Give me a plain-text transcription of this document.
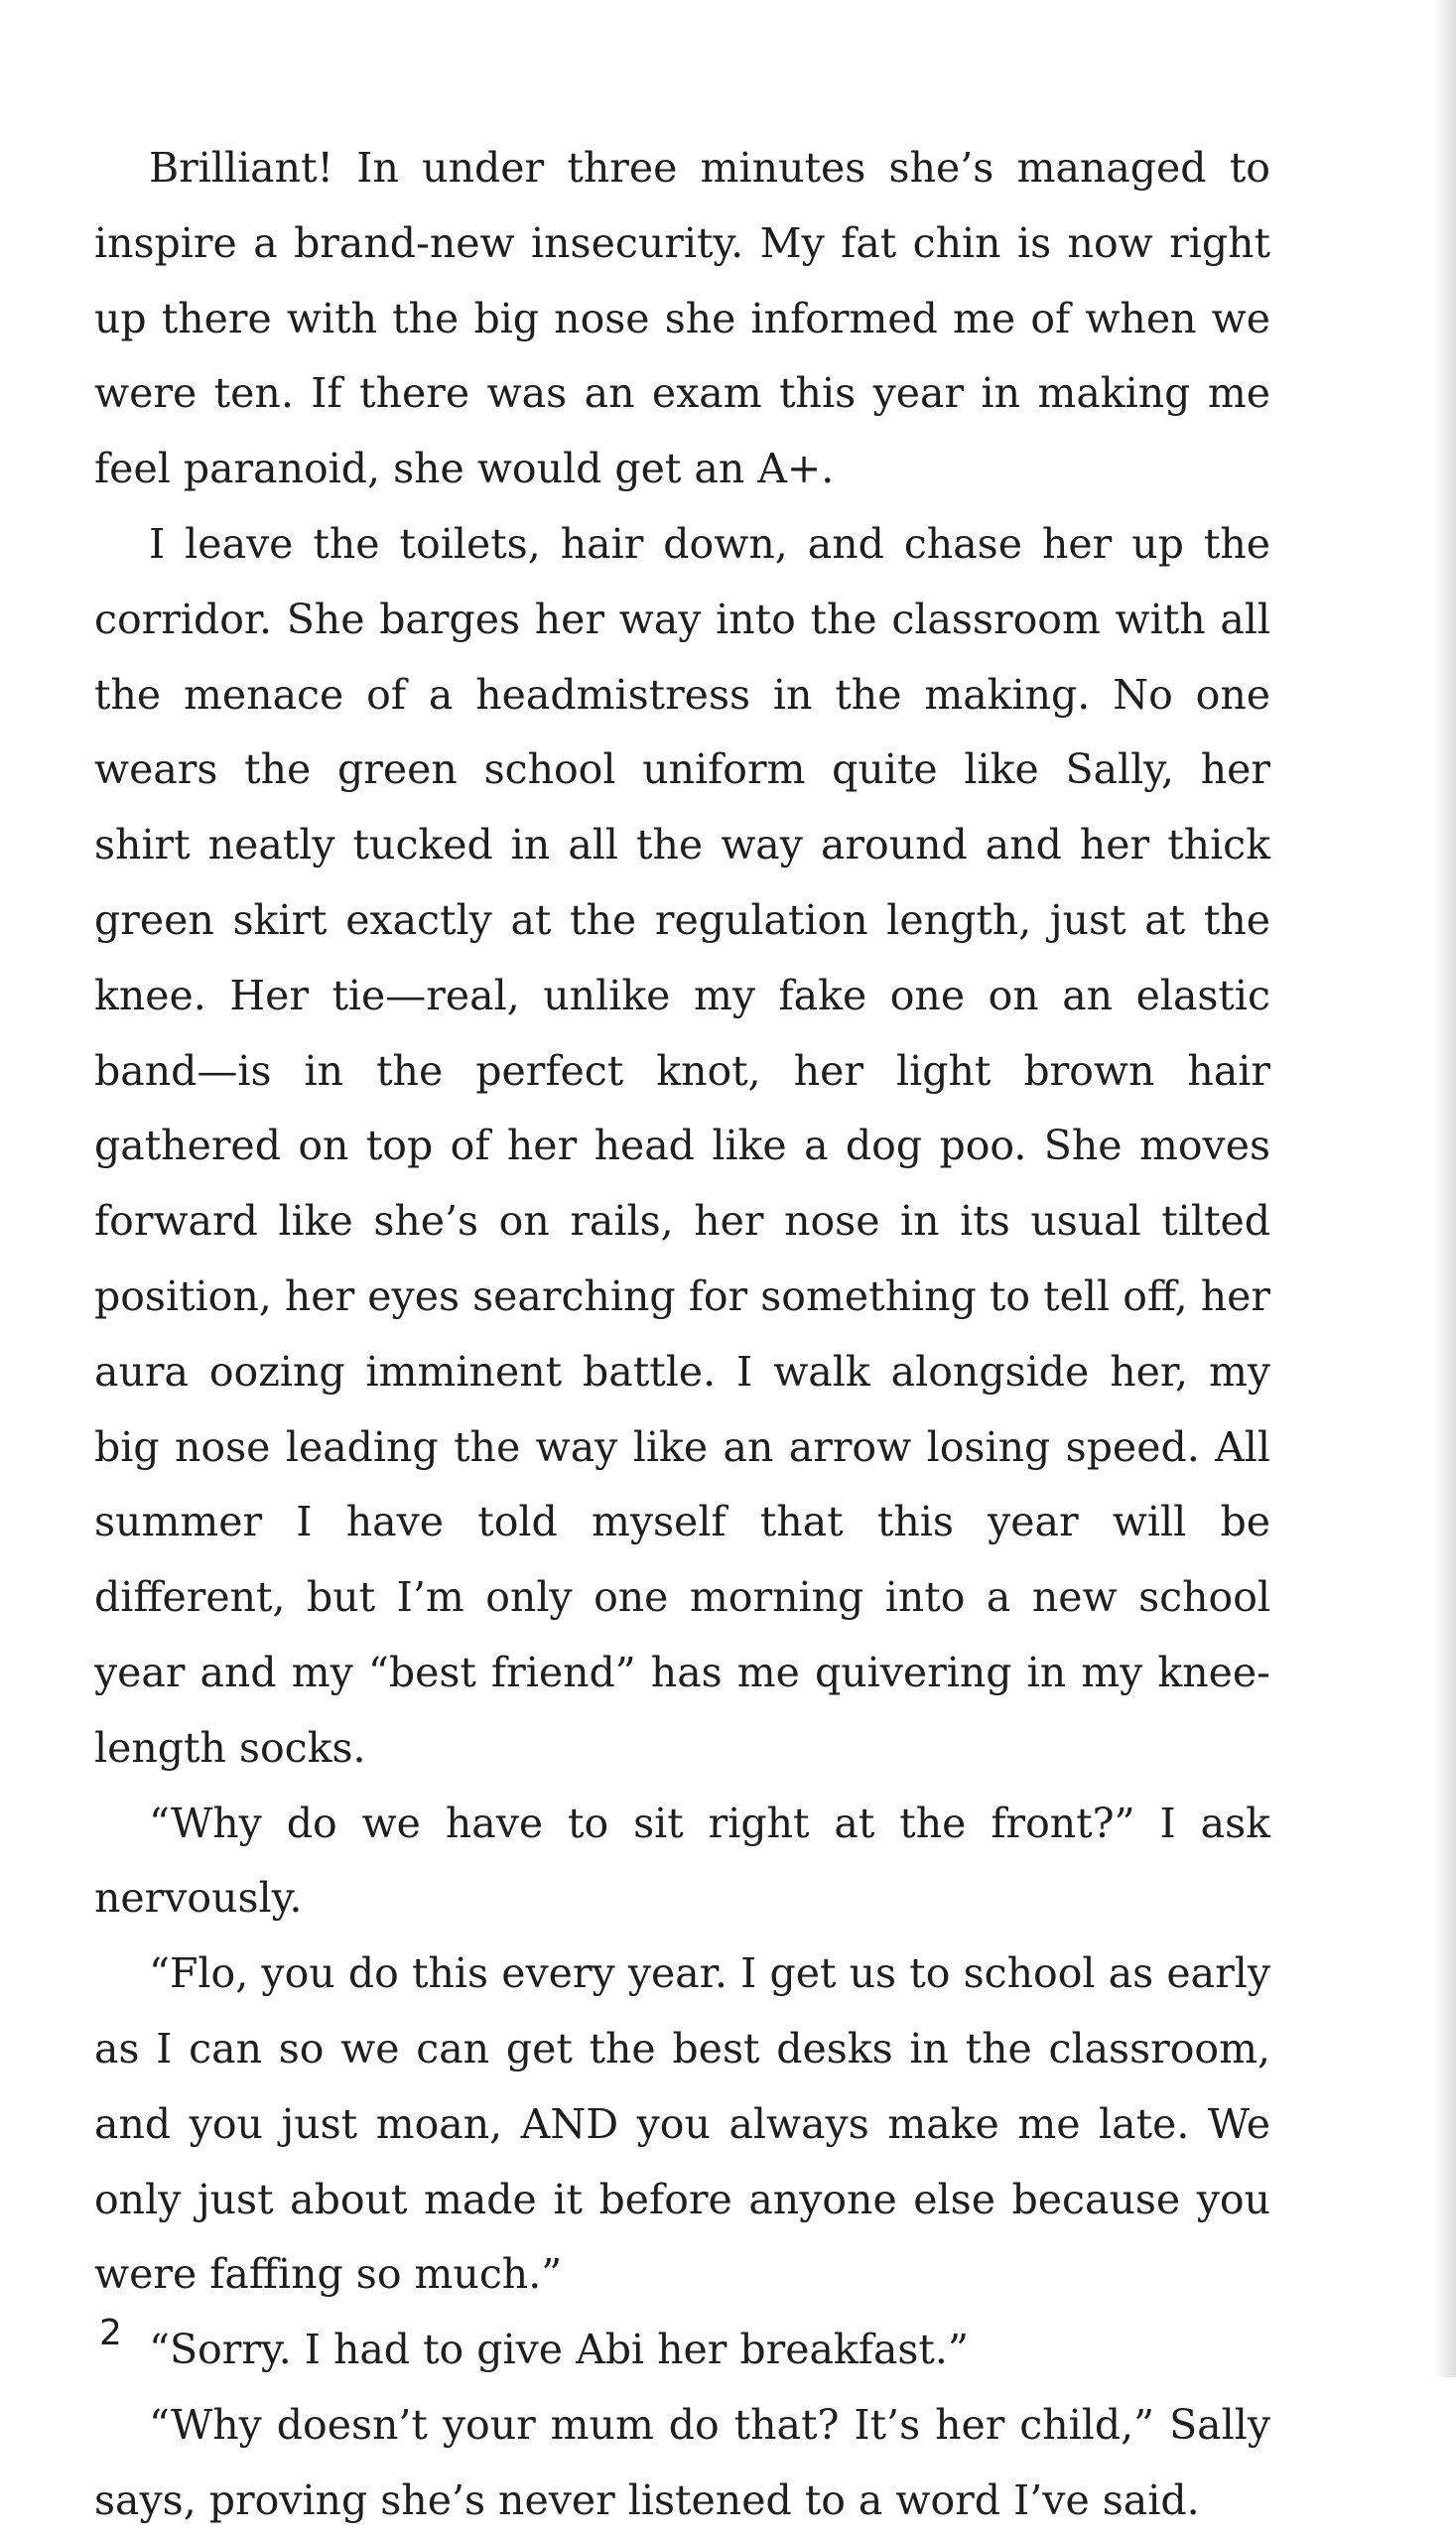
Brilliant! In under three minutes she’s managed to inspire a brand-new insecurity. My fat chin is now right up there with the big nose she informed me of when we were ten. If there was an exam this year in making me feel paranoid, she would get an A+.

I leave the toilets, hair down, and chase her up the corridor. She barges her way into the classroom with all the menace of a headmistress in the making. No one wears the green school uniform quite like Sally, her shirt neatly tucked in all the way around and her thick green skirt exactly at the regulation length, just at the knee. Her tie—real, unlike my fake one on an elastic band—is in the perfect knot, her light brown hair gathered on top of her head like a dog poo. She moves forward like she’s on rails, her nose in its usual tilted position, her eyes searching for something to tell off, her aura oozing imminent battle. I walk alongside her, my big nose leading the way like an arrow losing speed. All summer I have told myself that this year will be different, but I’m only one morning into a new school year and my “best friend” has me quivering in my knee-length socks.

“Why do we have to sit right at the front?” I ask nervously.

“Flo, you do this every year. I get us to school as early as I can so we can get the best desks in the classroom, and you just moan, AND you always make me late. We only just about made it before anyone else because you were faffing so much.”

“Sorry. I had to give Abi her breakfast.”

“Why doesn’t your mum do that? It’s her child,” Sally says, proving she’s never listened to a word I’ve said.

2
